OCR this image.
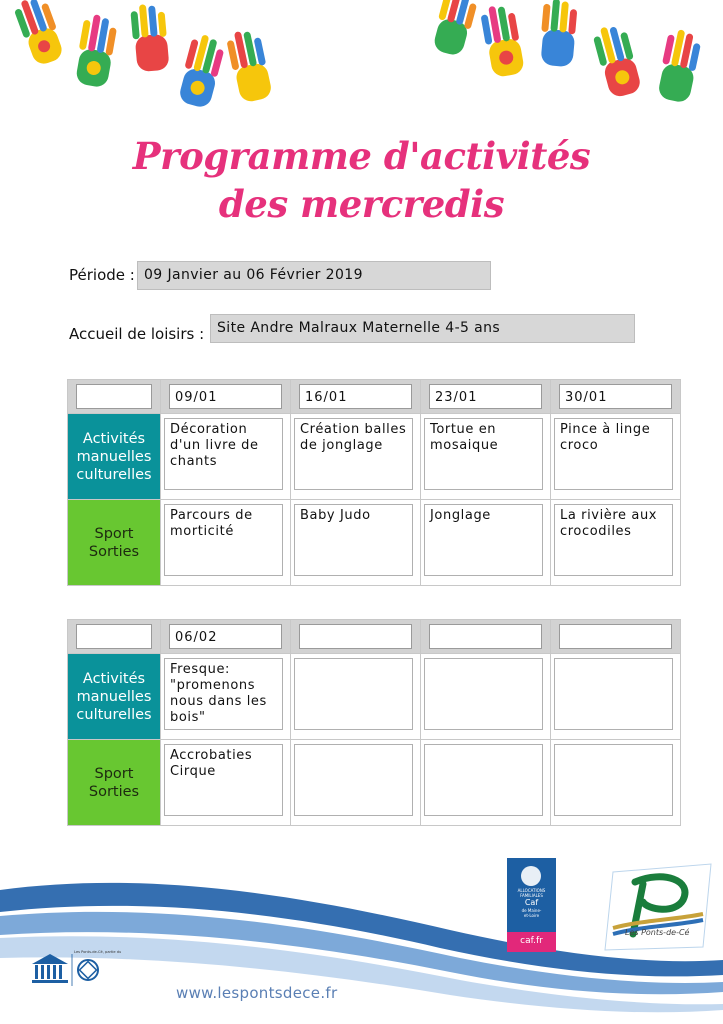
Programme d'activités
des mercredis
Période : 09 Janvier au 06 Février 2019
Accueil de loisirs : Site Andre Malraux Maternelle 4-5 ans

	09/01	16/01	23/01	30/01

Activités
manuelles
culturelles	Décoration d'un livre de chants	Création balles de jonglage	Tortue en mosaique	Pince à linge croco

Sport
Sorties	Parcours de morticité	Baby Judo	Jonglage	La rivière aux crocodiles

	06/02			

Activités
manuelles
culturelles	Fresque: "promenons nous dans les bois"			

Sport
Sorties	Accrobaties Cirque			

ALLOCATIONS
FAMILIALES
Caf
de Maine-
et-Loire
caf.fr
Les Ponts-de-Cé
Les Ponts-de-Cé, partie du
www.lespontsdece.fr
